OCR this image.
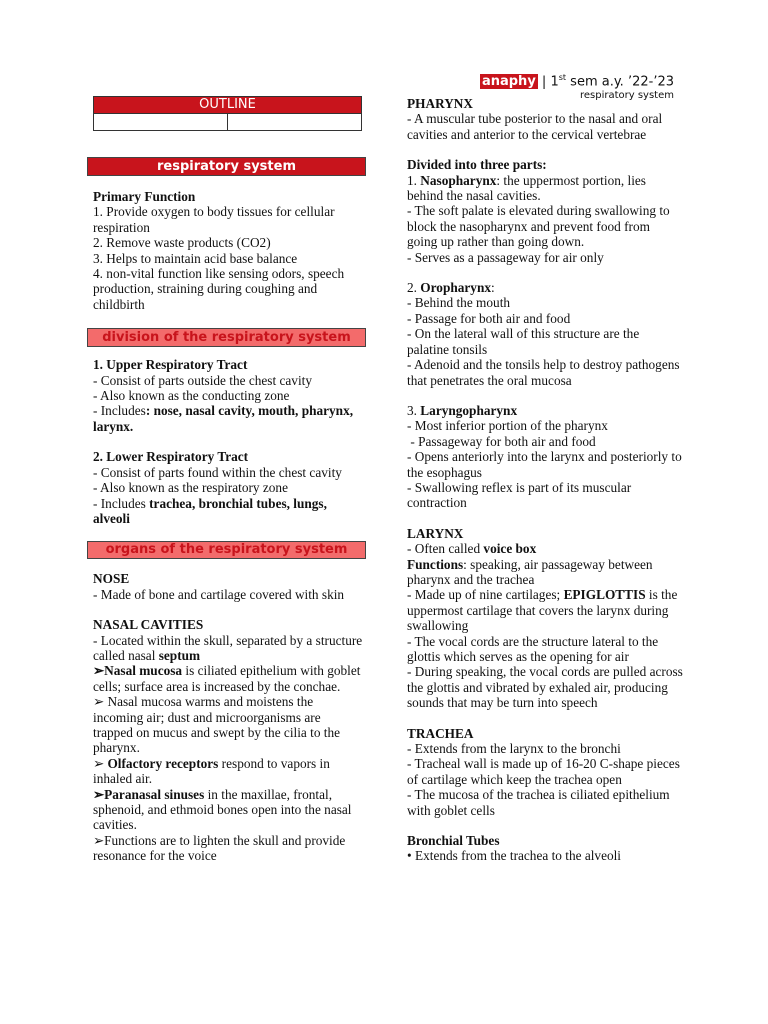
anaphy | 1st sem a.y. ’22-’23
respiratory system
OUTLINE
respiratory system

Primary Function

1. Provide oxygen to body tissues for cellular respiration

2. Remove waste products (CO2)

3. Helps to maintain acid base balance

4. non-vital function like sensing odors, speech production, straining during coughing and childbirth

division of the respiratory system

1. Upper Respiratory Tract

- Consist of parts outside the chest cavity

- Also known as the conducting zone

- Includes: nose, nasal cavity, mouth, pharynx, larynx.

2. Lower Respiratory Tract

- Consist of parts found within the chest cavity

- Also known as the respiratory zone

- Includes trachea, bronchial tubes, lungs, alveoli

organs of the respiratory system

NOSE

- Made of bone and cartilage covered with skin

NASAL CAVITIES

- Located within the skull, separated by a structure called nasal septum

➢Nasal mucosa is ciliated epithelium with goblet cells; surface area is increased by the conchae.

➢ Nasal mucosa warms and moistens the incoming air; dust and microorganisms are trapped on mucus and swept by the cilia to the pharynx.

➢ Olfactory receptors respond to vapors in inhaled air.

➢Paranasal sinuses in the maxillae, frontal, sphenoid, and ethmoid bones open into the nasal cavities.

➢Functions are to lighten the skull and provide resonance for the voice

PHARYNX

- A muscular tube posterior to the nasal and oral cavities and anterior to the cervical vertebrae

Divided into three parts:

1. Nasopharynx: the uppermost portion, lies behind the nasal cavities.

- The soft palate is elevated during swallowing to block the nasopharynx and prevent food from going up rather than going down.

- Serves as a passageway for air only

2. Oropharynx:

- Behind the mouth

- Passage for both air and food

- On the lateral wall of this structure are the palatine tonsils

- Adenoid and the tonsils help to destroy pathogens that penetrates the oral mucosa

3. Laryngopharynx

- Most inferior portion of the pharynx

- Passageway for both air and food

- Opens anteriorly into the larynx and posteriorly to the esophagus

- Swallowing reflex is part of its muscular contraction

LARYNX

- Often called voice box

Functions: speaking, air passageway between pharynx and the trachea

- Made up of nine cartilages; EPIGLOTTIS is the uppermost cartilage that covers the larynx during swallowing

- The vocal cords are the structure lateral to the glottis which serves as the opening for air

- During speaking, the vocal cords are pulled across the glottis and vibrated by exhaled air, producing sounds that may be turn into speech

TRACHEA

- Extends from the larynx to the bronchi

- Tracheal wall is made up of 16-20 C-shape pieces of cartilage which keep the trachea open

- The mucosa of the trachea is ciliated epithelium with goblet cells

Bronchial Tubes

• Extends from the trachea to the alveoli
